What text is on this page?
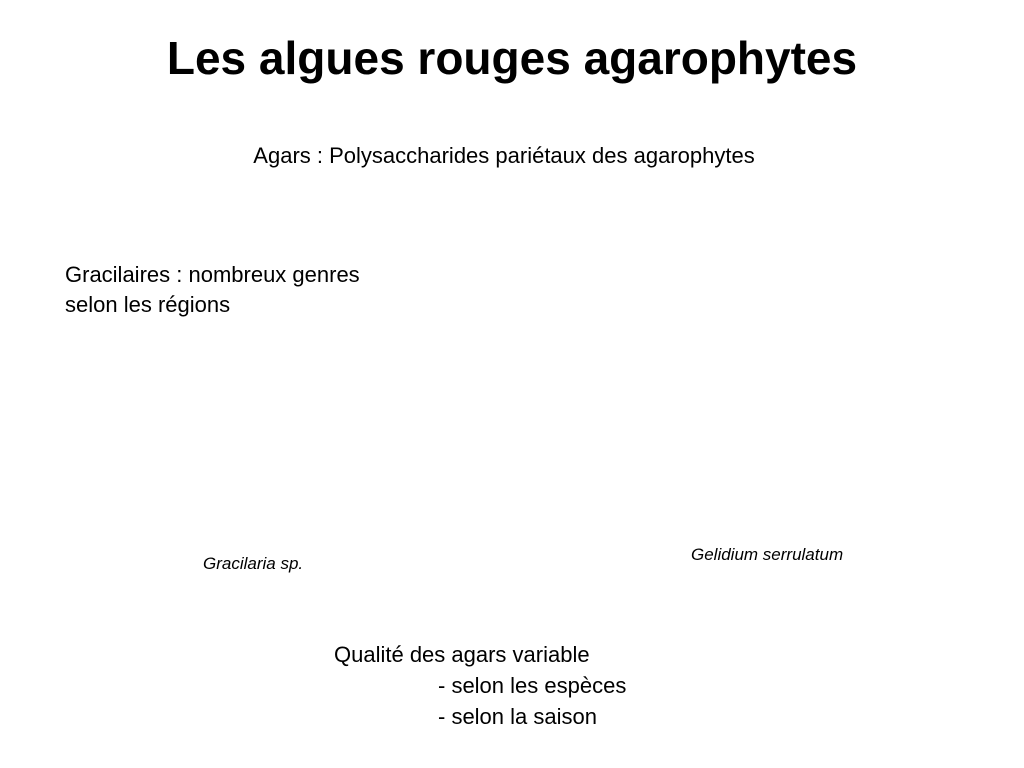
Les algues rouges agarophytes
Agars : Polysaccharides pariétaux des agarophytes
Gracilaires : nombreux genres
selon les régions
Gracilaria sp.	Gelidium serrulatum
Qualité des agars variable
- selon les espèces
- selon la saison
